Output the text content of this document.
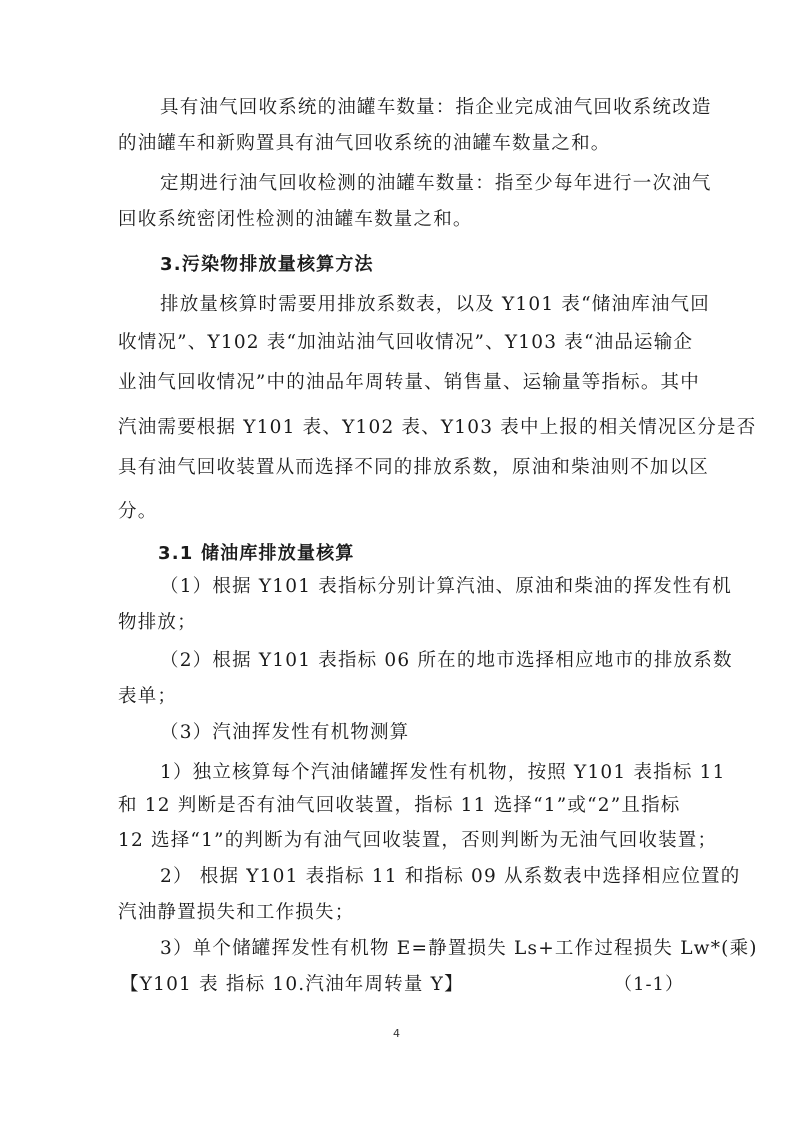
具有油气回收系统的油罐车数量：指企业完成油气回收系统改造
的油罐车和新购置具有油气回收系统的油罐车数量之和。
定期进行油气回收检测的油罐车数量：指至少每年进行一次油气
回收系统密闭性检测的油罐车数量之和。
3.污染物排放量核算方法
排放量核算时需要用排放系数表，以及 Y101 表“储油库油气回
收情况”、Y102 表“加油站油气回收情况”、Y103 表“油品运输企
业油气回收情况”中的油品年周转量、销售量、运输量等指标。其中
汽油需要根据 Y101 表、Y102 表、Y103 表中上报的相关情况区分是否
具有油气回收装置从而选择不同的排放系数，原油和柴油则不加以区
分。
3.1 储油库排放量核算
（1）根据 Y101 表指标分别计算汽油、原油和柴油的挥发性有机
物排放；
（2）根据 Y101 表指标 06 所在的地市选择相应地市的排放系数
表单；
（3）汽油挥发性有机物测算
1）独立核算每个汽油储罐挥发性有机物，按照 Y101 表指标 11
和 12 判断是否有油气回收装置，指标 11 选择“1”或“2”且指标
12 选择“1”的判断为有油气回收装置，否则判断为无油气回收装置；
2） 根据 Y101 表指标 11 和指标 09 从系数表中选择相应位置的
汽油静置损失和工作损失；
3）单个储罐挥发性有机物 E=静置损失 Ls+工作过程损失 Lw*(乘)
【Y101 表 指标 10.汽油年周转量 Y】	（1-1）
4
